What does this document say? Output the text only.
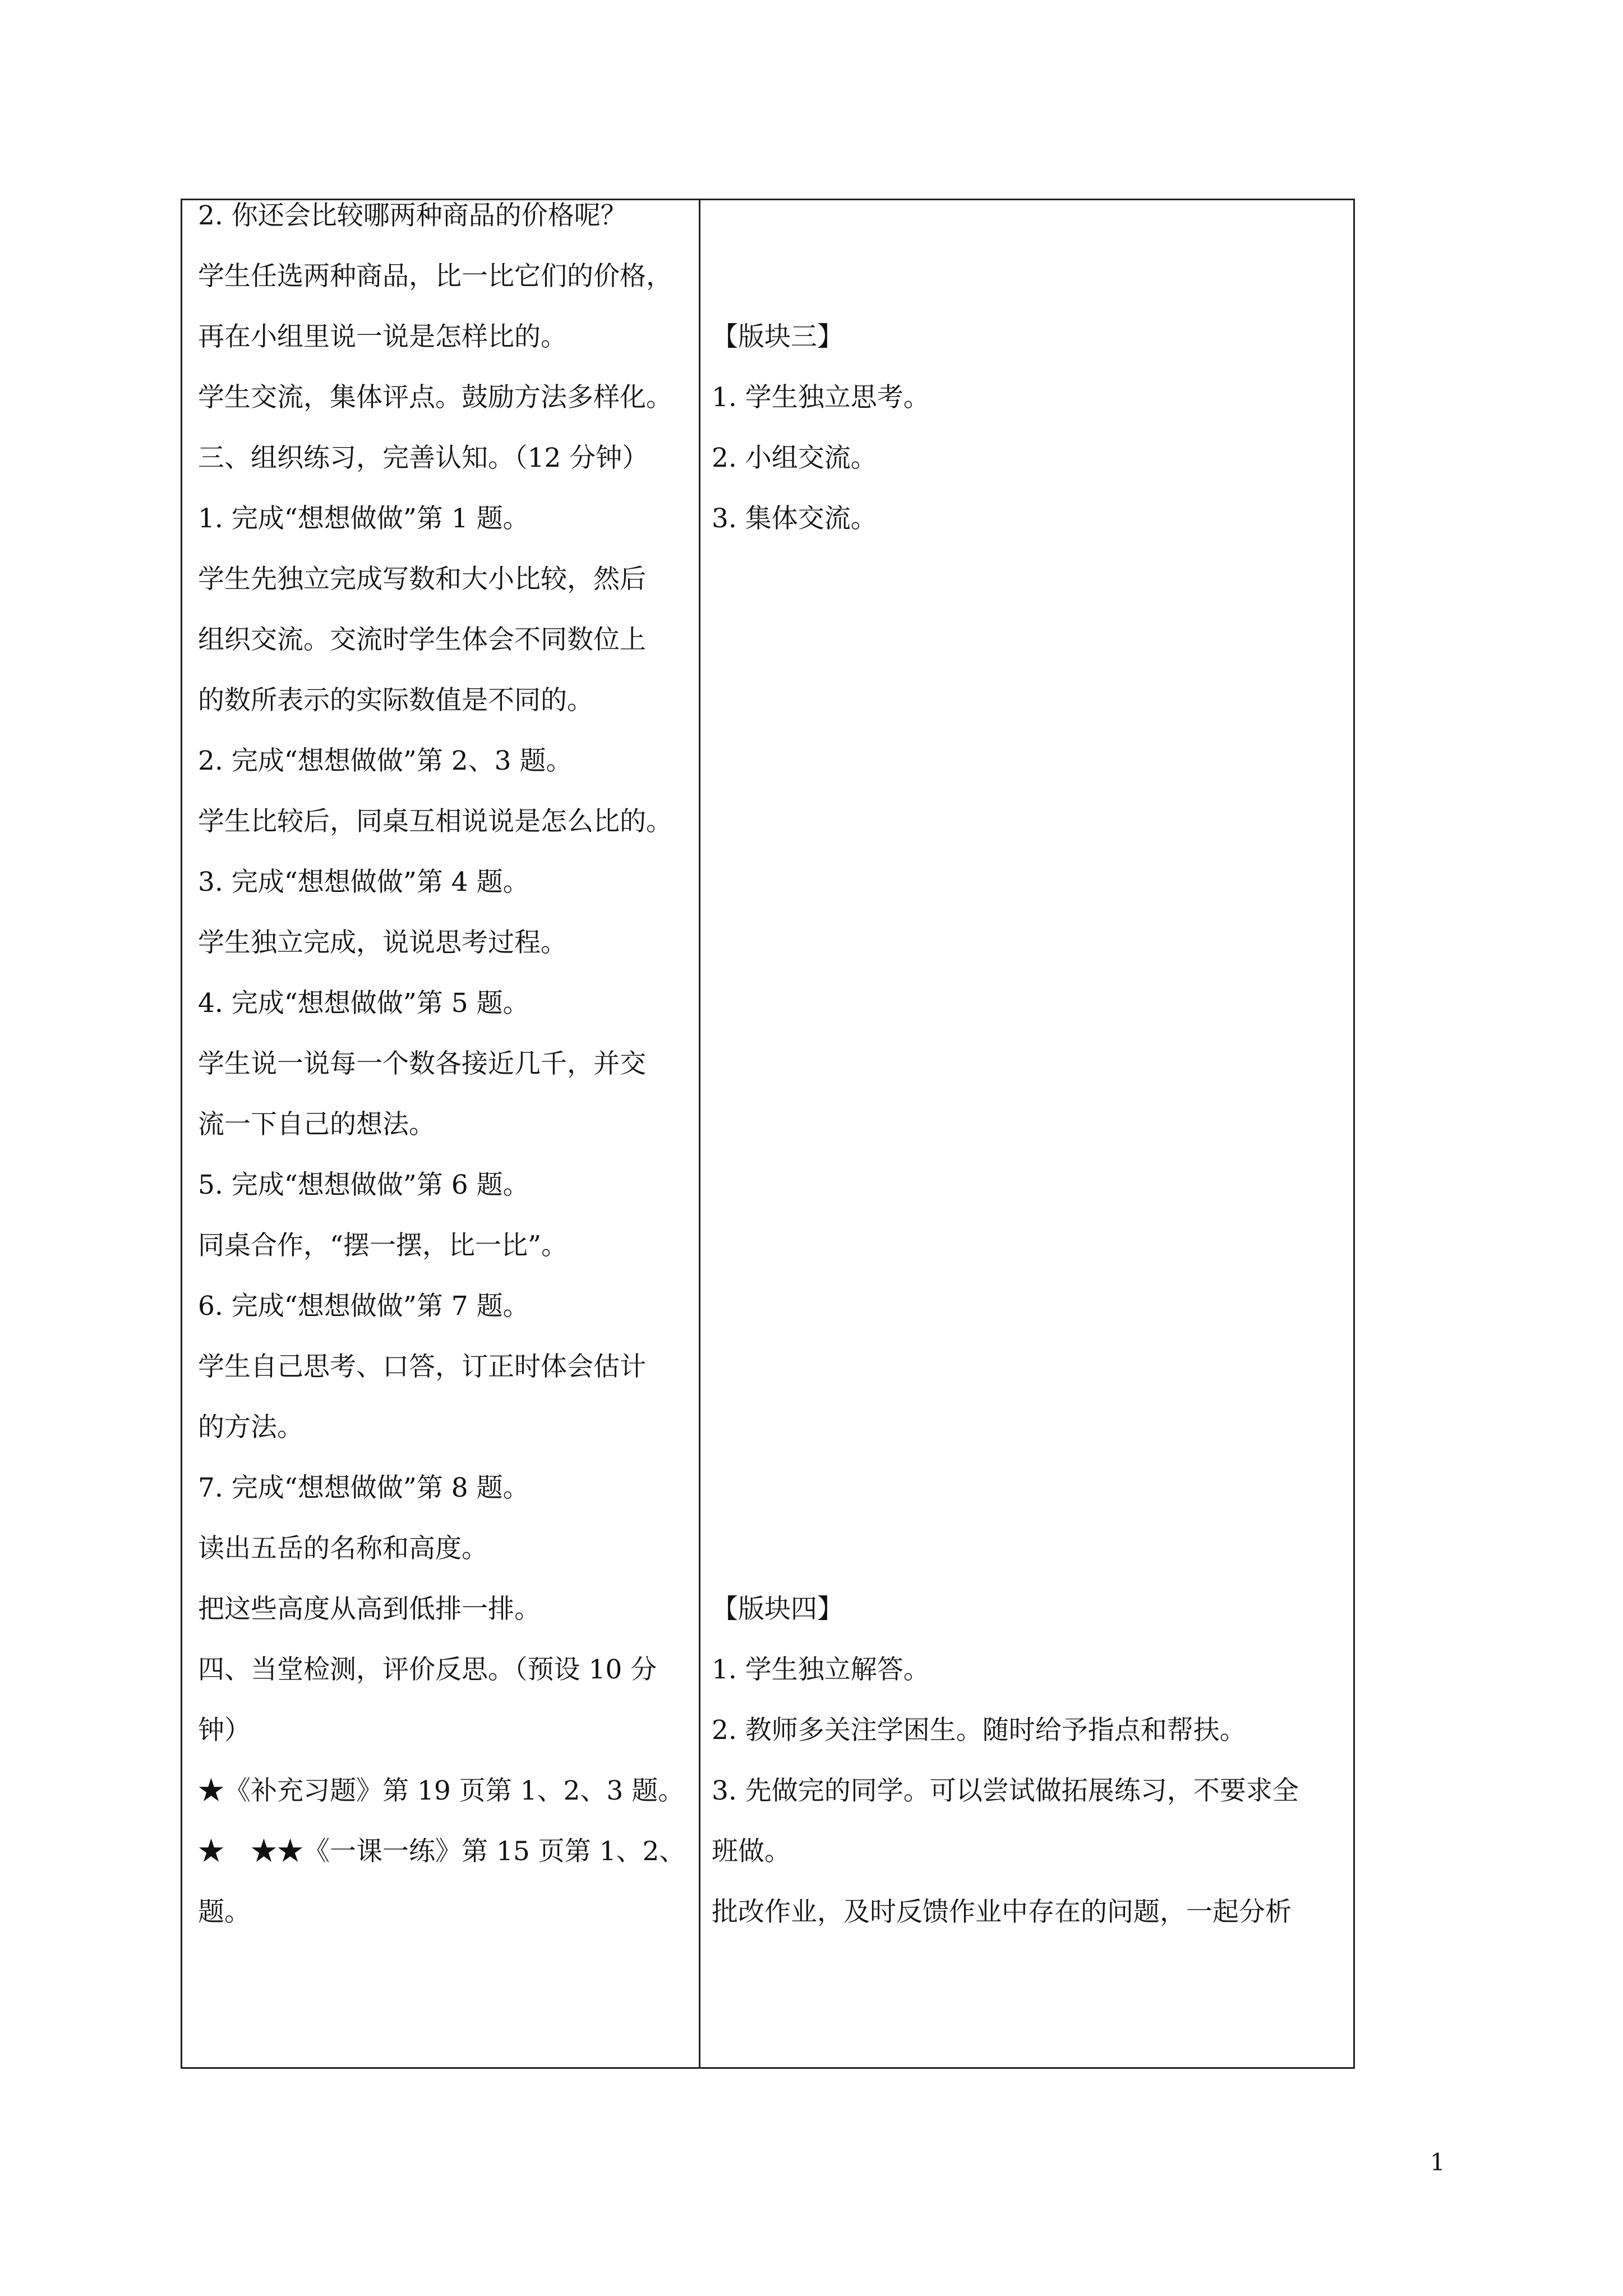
2. 你还会比较哪两种商品的价格呢？
学生任选两种商品，比一比它们的价格，
再在小组里说一说是怎样比的。
学生交流，集体评点。鼓励方法多样化。
三、组织练习，完善认知。（12 分钟）
1. 完成“想想做做”第 1 题。
学生先独立完成写数和大小比较，然后
组织交流。交流时学生体会不同数位上
的数所表示的实际数值是不同的。
2. 完成“想想做做”第 2、3 题。
学生比较后，同桌互相说说是怎么比的。
3. 完成“想想做做”第 4 题。
学生独立完成，说说思考过程。
4. 完成“想想做做”第 5 题。
学生说一说每一个数各接近几千，并交
流一下自己的想法。
5. 完成“想想做做”第 6 题。
同桌合作，“摆一摆，比一比”。
6. 完成“想想做做”第 7 题。
学生自己思考、口答，订正时体会估计
的方法。
7. 完成“想想做做”第 8 题。
读出五岳的名称和高度。
把这些高度从高到低排一排。
四、当堂检测，评价反思。（预设 10 分
钟）
★《补充习题》第 19 页第 1、2、3 题。
★　★★《一课一练》第 15 页第 1、2、
题。
【版块三】
1. 学生独立思考。
2. 小组交流。
3. 集体交流。
【版块四】
1. 学生独立解答。
2. 教师多关注学困生。随时给予指点和帮扶。
3. 先做完的同学。可以尝试做拓展练习，不要求全
班做。
批改作业，及时反馈作业中存在的问题，一起分析
1
